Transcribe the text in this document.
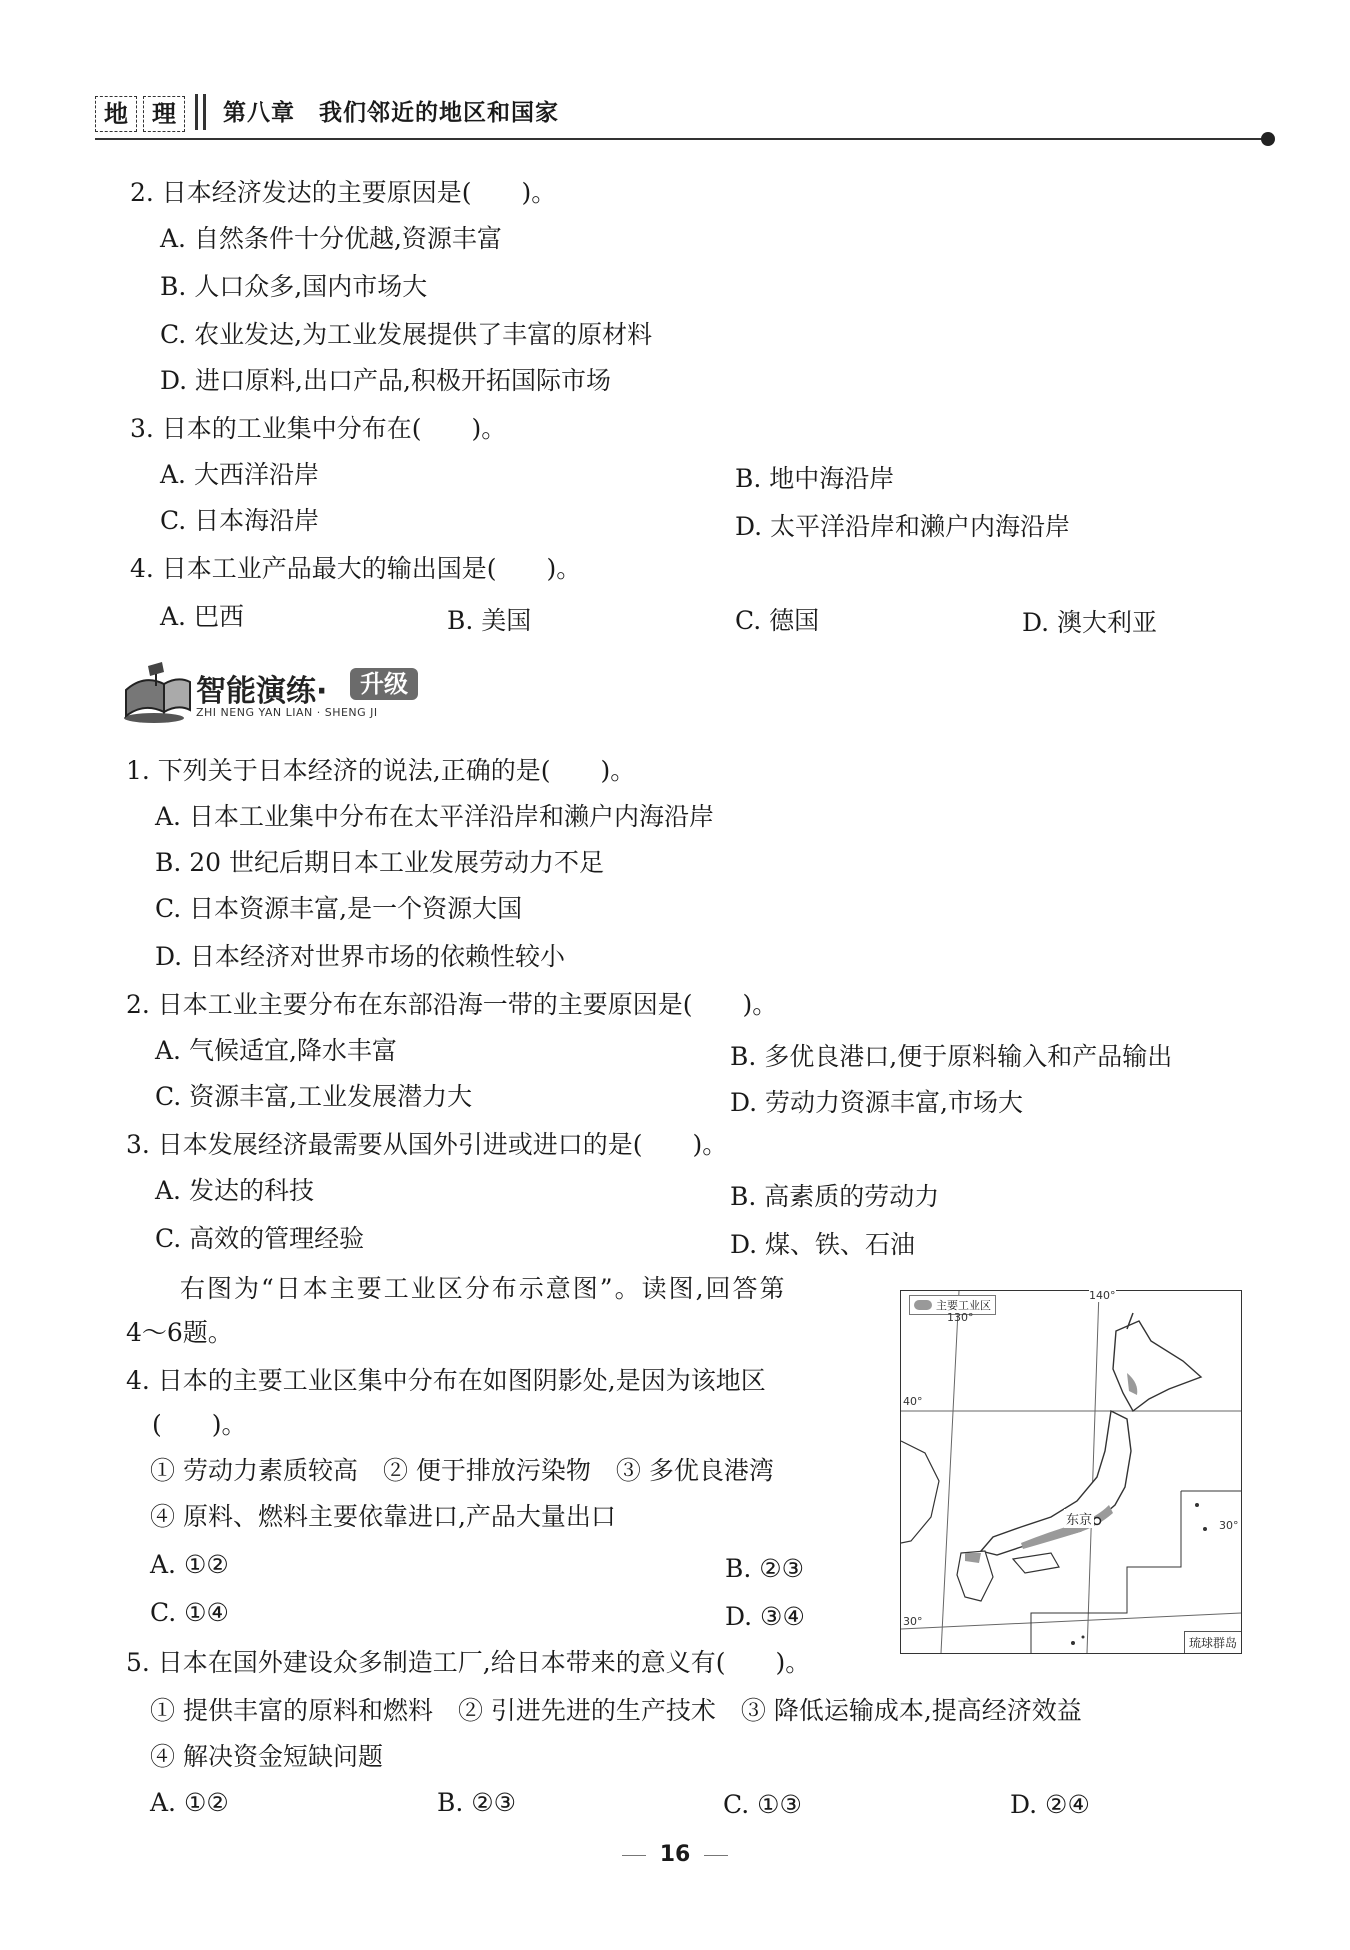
地	理	第八章　我们邻近的地区和国家
2. 日本经济发达的主要原因是(　　)。
A. 自然条件十分优越,资源丰富
B. 人口众多,国内市场大
C. 农业发达,为工业发展提供了丰富的原材料
D. 进口原料,出口产品,积极开拓国际市场
3. 日本的工业集中分布在(　　)。
A. 大西洋沿岸	B. 地中海沿岸
C. 日本海沿岸	D. 太平洋沿岸和濑户内海沿岸
4. 日本工业产品最大的输出国是(　　)。
A. 巴西	B. 美国	C. 德国	D. 澳大利亚
智能演练·	升级
ZHI NENG YAN LIAN · SHENG JI
1. 下列关于日本经济的说法,正确的是(　　)。
A. 日本工业集中分布在太平洋沿岸和濑户内海沿岸
B. 20 世纪后期日本工业发展劳动力不足
C. 日本资源丰富,是一个资源大国
D. 日本经济对世界市场的依赖性较小
2. 日本工业主要分布在东部沿海一带的主要原因是(　　)。
A. 气候适宜,降水丰富	B. 多优良港口,便于原料输入和产品输出
C. 资源丰富,工业发展潜力大	D. 劳动力资源丰富,市场大
3. 日本发展经济最需要从国外引进或进口的是(　　)。
A. 发达的科技	B. 高素质的劳动力
C. 高效的管理经验	D. 煤、铁、石油
右图为“日本主要工业区分布示意图”。读图,回答第
4～6题。
4. 日本的主要工业区集中分布在如图阴影处,是因为该地区
(　　)。
① 劳动力素质较高　② 便于排放污染物　③ 多优良港湾
④ 原料、燃料主要依靠进口,产品大量出口
A. ①②	B. ②③
C. ①④	D. ③④
主要工业区
130°
140°
40°
30°
30°
东京
琉球群岛
5. 日本在国外建设众多制造工厂,给日本带来的意义有(　　)。
① 提供丰富的原料和燃料　② 引进先进的生产技术　③ 降低运输成本,提高经济效益
④ 解决资金短缺问题
A. ①②	B. ②③	C. ①③	D. ②④
16
